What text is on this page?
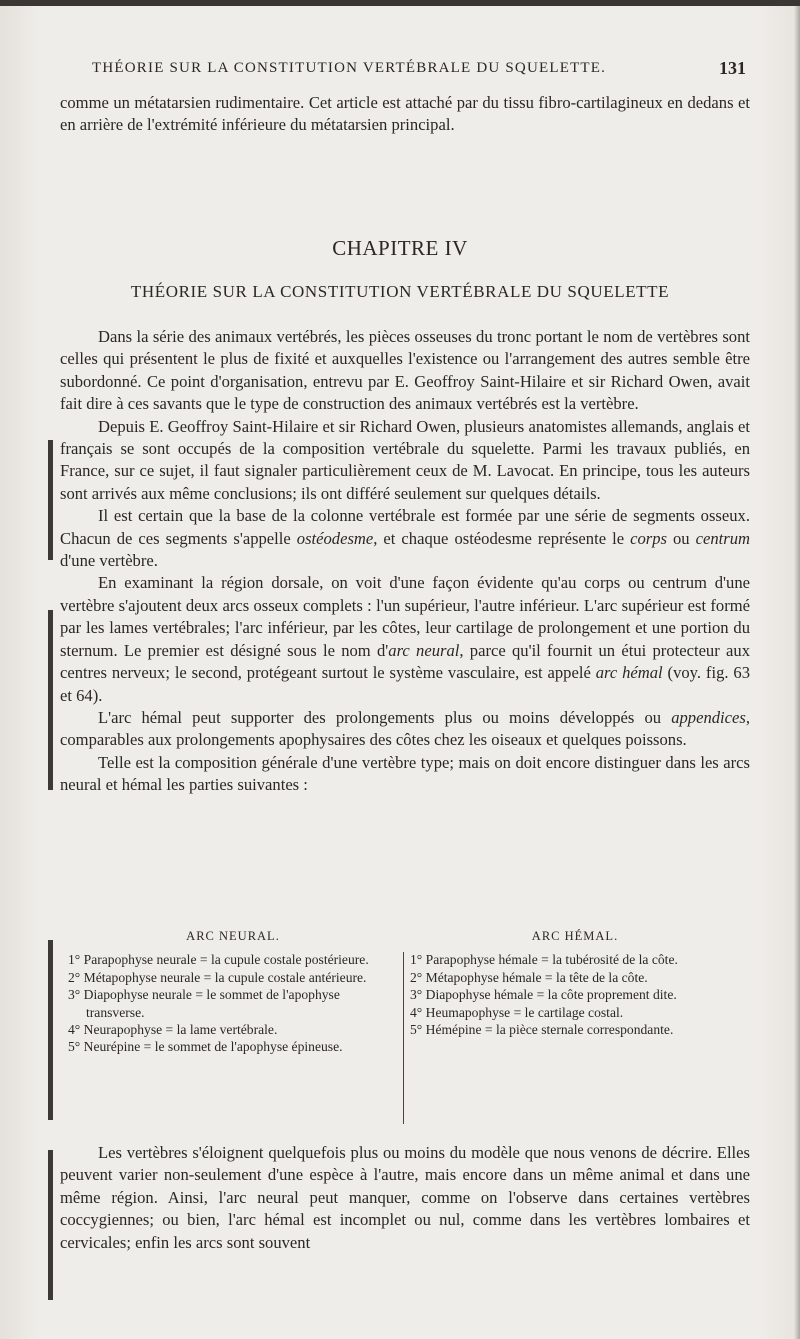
THÉORIE SUR LA CONSTITUTION VERTÉBRALE DU SQUELETTE.	131

comme un métatarsien rudimentaire. Cet article est attaché par du tissu fibro-cartilagineux en dedans et en arrière de l'extrémité inférieure du métatarsien principal.

CHAPITRE IV
THÉORIE SUR LA CONSTITUTION VERTÉBRALE DU SQUELETTE

Dans la série des animaux vertébrés, les pièces osseuses du tronc portant le nom de vertèbres sont celles qui présentent le plus de fixité et auxquelles l'existence ou l'arrangement des autres semble être subordonné. Ce point d'organisation, entrevu par E. Geoffroy Saint-Hilaire et sir Richard Owen, avait fait dire à ces savants que le type de construction des animaux vertébrés est la vertèbre.

Depuis E. Geoffroy Saint-Hilaire et sir Richard Owen, plusieurs anatomistes allemands, anglais et français se sont occupés de la composition vertébrale du squelette. Parmi les travaux publiés, en France, sur ce sujet, il faut signaler particulièrement ceux de M. Lavocat. En principe, tous les auteurs sont arrivés aux même conclusions; ils ont différé seulement sur quelques détails.

Il est certain que la base de la colonne vertébrale est formée par une série de segments osseux. Chacun de ces segments s'appelle ostéodesme, et chaque ostéodesme représente le corps ou centrum d'une vertèbre.

En examinant la région dorsale, on voit d'une façon évidente qu'au corps ou centrum d'une vertèbre s'ajoutent deux arcs osseux complets : l'un supérieur, l'autre inférieur. L'arc supérieur est formé par les lames vertébrales; l'arc inférieur, par les côtes, leur cartilage de prolongement et une portion du sternum. Le premier est désigné sous le nom d'arc neural, parce qu'il fournit un étui protecteur aux centres nerveux; le second, protégeant surtout le système vasculaire, est appelé arc hémal (voy. fig. 63 et 64).

L'arc hémal peut supporter des prolongements plus ou moins développés ou appendices, comparables aux prolongements apophysaires des côtes chez les oiseaux et quelques poissons.

Telle est la composition générale d'une vertèbre type; mais on doit encore distinguer dans les arcs neural et hémal les parties suivantes :

ARC NEURAL.
1° Parapophyse neurale = la cupule costale postérieure.
2° Métapophyse neurale = la cupule costale antérieure.
3° Diapophyse neurale = le sommet de l'apophyse transverse.
4° Neurapophyse = la lame vertébrale.
5° Neurépine = le sommet de l'apophyse épineuse.
ARC HÉMAL.
1° Parapophyse hémale = la tubérosité de la côte.
2° Métapophyse hémale = la tête de la côte.
3° Diapophyse hémale = la côte proprement dite.
4° Heumapophyse = le cartilage costal.
5° Hémépine = la pièce sternale correspondante.

Les vertèbres s'éloignent quelquefois plus ou moins du modèle que nous venons de décrire. Elles peuvent varier non-seulement d'une espèce à l'autre, mais encore dans un même animal et dans une même région. Ainsi, l'arc neural peut manquer, comme on l'observe dans certaines vertèbres coccygiennes; ou bien, l'arc hémal est incomplet ou nul, comme dans les vertèbres lombaires et cervicales; enfin les arcs sont souvent
